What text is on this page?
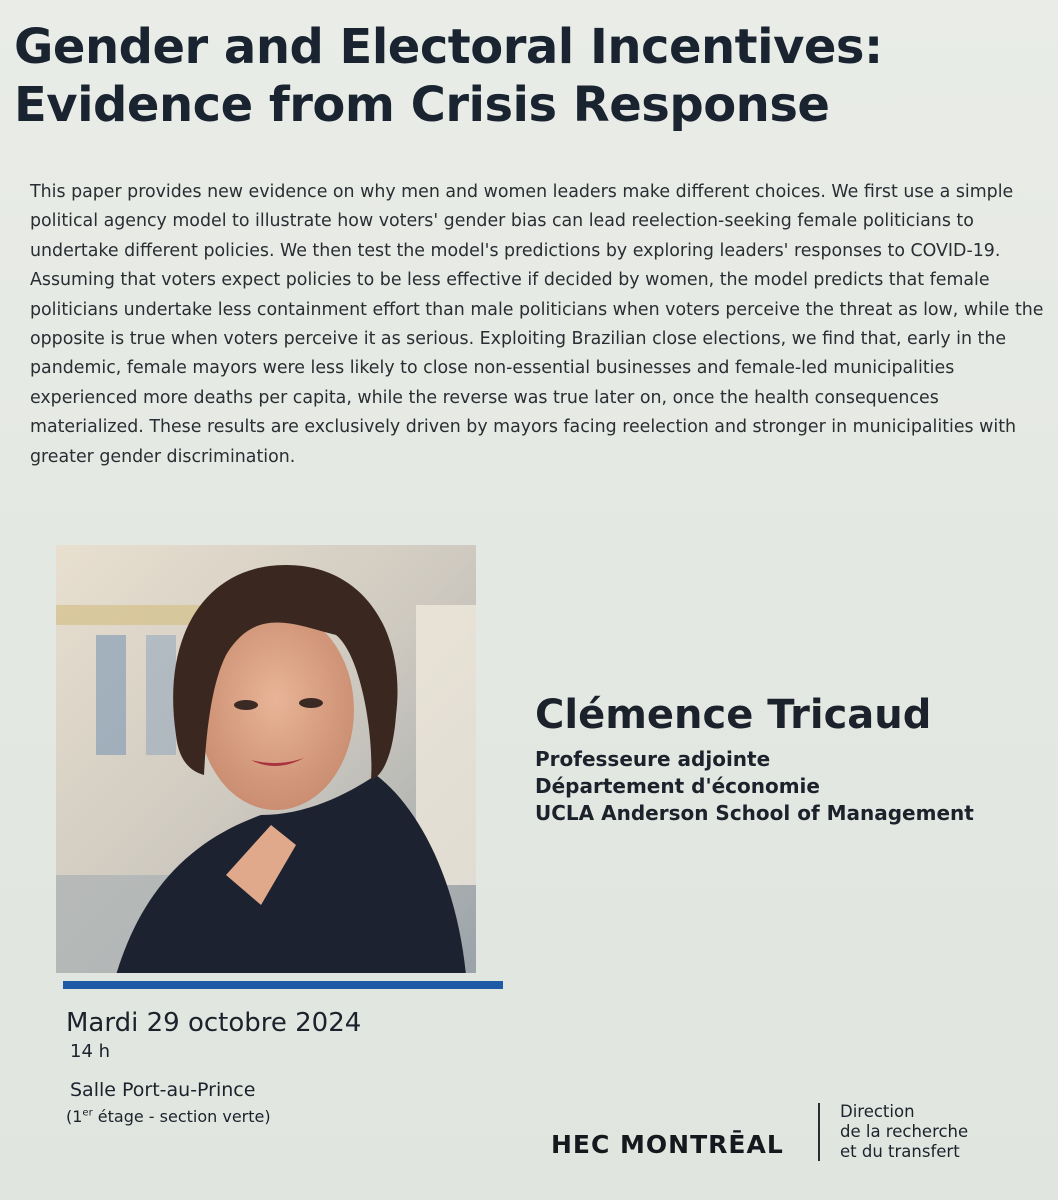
Gender and Electoral Incentives:
Evidence from Crisis Response
This paper provides new evidence on why men and women leaders make different choices. We first use a simple political agency model to illustrate how voters' gender bias can lead reelection-seeking female politicians to undertake different policies. We then test the model's predictions by exploring leaders' responses to COVID-19. Assuming that voters expect policies to be less effective if decided by women, the model predicts that female politicians undertake less containment effort than male politicians when voters perceive the threat as low, while the opposite is true when voters perceive it as serious. Exploiting Brazilian close elections, we find that, early in the pandemic, female mayors were less likely to close non-essential businesses and female-led municipalities experienced more deaths per capita, while the reverse was true later on, once the health consequences materialized. These results are exclusively driven by mayors facing reelection and stronger in municipalities with greater gender discrimination.
Clémence Tricaud
Professeure adjointe
Département d'économie
UCLA Anderson School of Management
Mardi 29 octobre 2024
14 h
Salle Port-au-Prince
(1er étage - section verte)
HEC MONTRĒAL
Direction
de la recherche
et du transfert
